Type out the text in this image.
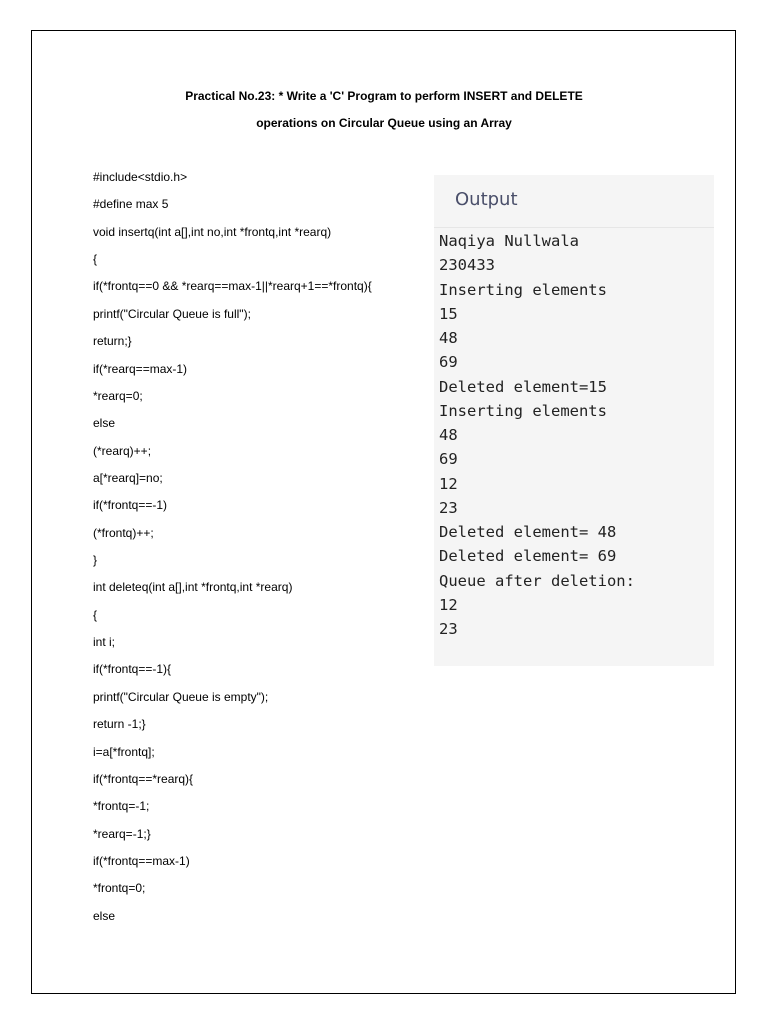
Practical No.23: * Write a 'C' Program to perform INSERT and DELETE
operations on Circular Queue using an Array
#include<stdio.h>
#define max 5
void insertq(int a[],int no,int *frontq,int *rearq)
{
if(*frontq==0 && *rearq==max-1||*rearq+1==*frontq){
printf("Circular Queue is full");
return;}
if(*rearq==max-1)
*rearq=0;
else
(*rearq)++;
a[*rearq]=no;
if(*frontq==-1)
(*frontq)++;
}
int deleteq(int a[],int *frontq,int *rearq)
{
int i;
if(*frontq==-1){
printf("Circular Queue is empty");
return -1;}
i=a[*frontq];
if(*frontq==*rearq){
*frontq=-1;
*rearq=-1;}
if(*frontq==max-1)
*frontq=0;
else
Output
Naqiya Nullwala
230433
Inserting elements
15
48
69
Deleted element=15
Inserting elements
48
69
12
23
Deleted element= 48
Deleted element= 69
Queue after deletion:
12
23
